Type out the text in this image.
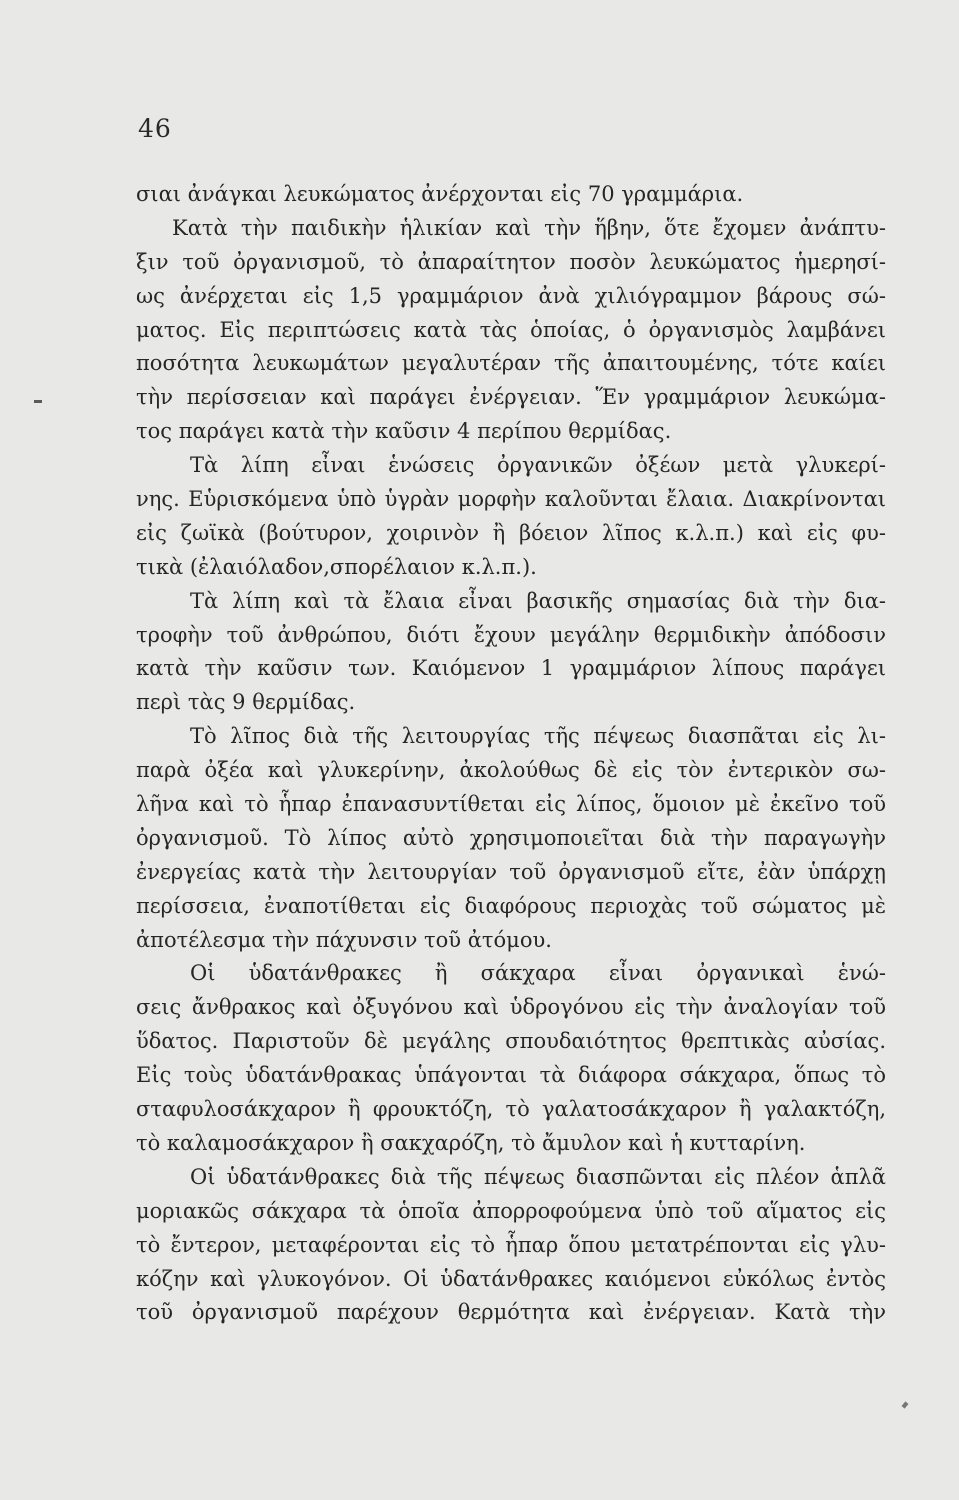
46
σιαι ἀνάγκαι λευκώματος ἀνέρχονται εἰς 70 γραμμάρια.
Κατὰ τὴν παιδικὴν ἡλικίαν καὶ τὴν ἥβην, ὅτε ἔχομεν ἀνάπτυ-
ξιν τοῦ ὀργανισμοῦ, τὸ ἀπαραίτητον ποσὸν λευκώματος ἡμερησί-
ως ἀνέρχεται εἰς 1,5 γραμμάριον ἀνὰ χιλιόγραμμον βάρους σώ-
ματος. Εἰς περιπτώσεις κατὰ τὰς ὁποίας, ὁ ὀργανισμὸς λαμβάνει
ποσότητα λευκωμάτων μεγαλυτέραν τῆς ἀπαιτουμένης, τότε καίει
τὴν περίσσειαν καὶ παράγει ἐνέργειαν. Ἕν γραμμάριον λευκώμα-
τος παράγει κατὰ τὴν καῦσιν 4 περίπου θερμίδας.
Τὰ λίπη εἶναι ἑνώσεις ὀργανικῶν ὀξέων μετὰ γλυκερί-
νης. Εὑρισκόμενα ὑπὸ ὑγρὰν μορφὴν καλοῦνται ἔλαια. Διακρίνονται
εἰς ζωϊκὰ (βούτυρον, χοιρινὸν ἢ βόειον λῖπος κ.λ.π.) καὶ εἰς φυ-
τικὰ (ἐλαιόλαδον,σπορέλαιον κ.λ.π.).
Τὰ λίπη καὶ τὰ ἔλαια εἶναι βασικῆς σημασίας διὰ τὴν δια-
τροφὴν τοῦ ἀνθρώπου, διότι ἔχουν μεγάλην θερμιδικὴν ἀπόδοσιν
κατὰ τὴν καῦσιν των. Καιόμενον 1 γραμμάριον λίπους παράγει
περὶ τὰς 9 θερμίδας.
Τὸ λῖπος διὰ τῆς λειτουργίας τῆς πέψεως διασπᾶται εἰς λι-
παρὰ ὀξέα καὶ γλυκερίνην, ἀκολούθως δὲ εἰς τὸν ἐντερικὸν σω-
λῆνα καὶ τὸ ἧπαρ ἐπανασυντίθεται εἰς λίπος, ὅμοιον μὲ ἐκεῖνο τοῦ
ὀργανισμοῦ. Τὸ λίπος αὐτὸ χρησιμοποιεῖται διὰ τὴν παραγωγὴν
ἐνεργείας κατὰ τὴν λειτουργίαν τοῦ ὀργανισμοῦ εἴτε, ἐὰν ὑπάρχῃ
περίσσεια, ἐναποτίθεται εἰς διαφόρους περιοχὰς τοῦ σώματος μὲ
ἀποτέλεσμα τὴν πάχυνσιν τοῦ ἀτόμου.
Οἱ ὑδατάνθρακες ἢ σάκχαρα εἶναι ὀργανικαὶ ἑνώ-
σεις ἄνθρακος καὶ ὀξυγόνου καὶ ὑδρογόνου εἰς τὴν ἀναλογίαν τοῦ
ὕδατος. Παριστοῦν δὲ μεγάλης σπουδαιότητος θρεπτικὰς αὐσίας.
Εἰς τοὺς ὑδατάνθρακας ὑπάγονται τὰ διάφορα σάκχαρα, ὅπως τὸ
σταφυλοσάκχαρον ἢ φρουκτόζη, τὸ γαλατοσάκχαρον ἢ γαλακτόζη,
τὸ καλαμοσάκχαρον ἢ σακχαρόζη, τὸ ἄμυλον καὶ ἡ κυτταρίνη.
Οἱ ὑδατάνθρακες διὰ τῆς πέψεως διασπῶνται εἰς πλέον ἁπλᾶ
μοριακῶς σάκχαρα τὰ ὁποῖα ἀπορροφούμενα ὑπὸ τοῦ αἵματος εἰς
τὸ ἔντερον, μεταφέρονται εἰς τὸ ἧπαρ ὅπου μετατρέπονται εἰς γλυ-
κόζην καὶ γλυκογόνον. Οἱ ὑδατάνθρακες καιόμενοι εὐκόλως ἐντὸς
τοῦ ὀργανισμοῦ παρέχουν θερμότητα καὶ ἐνέργειαν. Κατὰ τὴν
